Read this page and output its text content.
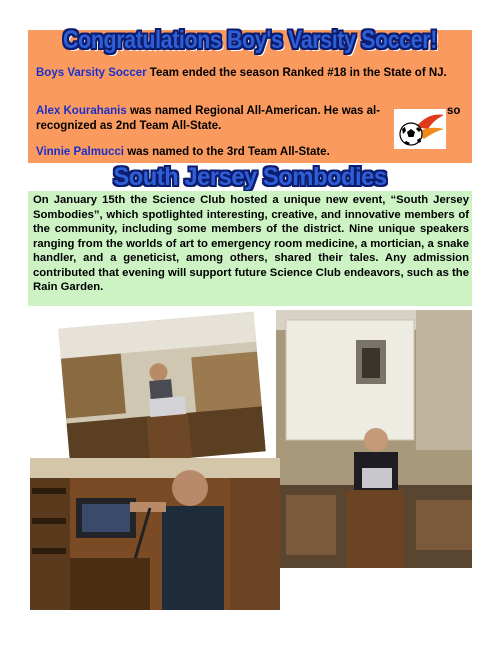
Congratulations Boy's Varsity Soccer!

Boys Varsity Soccer Team ended the season Ranked #18 in the State of NJ.

Alex Kourahanis was named Regional All-American. He was al-
recognized as 2nd Team All-State.

so

Vinnie Palmucci was named to the 3rd Team All-State.

South Jersey Sombodies

On January 15th the Science Club hosted a unique new event, “South Jersey Sombodies”, which spotlighted interesting, creative, and innovative members of the community, including some members of the district. Nine unique speakers ranging from the worlds of art to emergency room medicine, a mortician, a snake handler, and a geneticist, among others, shared their tales. Any admission contributed that evening will support future Science Club endeavors, such as the Rain Garden.
